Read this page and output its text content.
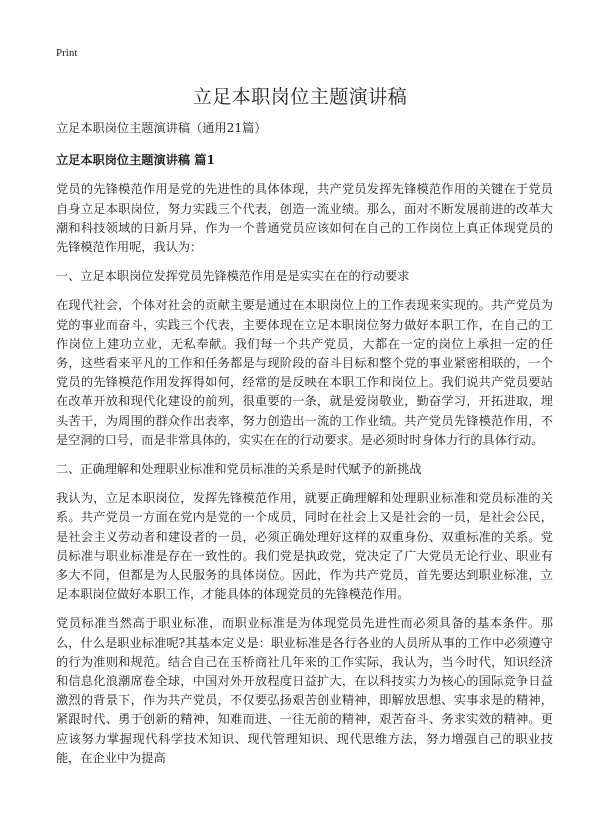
Print
立足本职岗位主题演讲稿

立足本职岗位主题演讲稿（通用21篇）

立足本职岗位主题演讲稿 篇1

党员的先锋模范作用是党的先进性的具体体现，共产党员发挥先锋模范作用的关键在于党员自身立足本职岗位，努力实践三个代表，创造一流业绩。那么，面对不断发展前进的改革大潮和科技领域的日新月异，作为一个普通党员应该如何在自己的工作岗位上真正体现党员的先锋模范作用呢，我认为：

一、立足本职岗位发挥党员先锋模范作用是是实实在在的行动要求

在现代社会，个体对社会的贡献主要是通过在本职岗位上的工作表现来实现的。共产党员为党的事业而奋斗，实践三个代表，主要体现在立足本职岗位努力做好本职工作，在自己的工作岗位上建功立业，无私奉献。我们每一个共产党员，大都在一定的岗位上承担一定的任务，这些看来平凡的工作和任务都是与现阶段的奋斗目标和整个党的事业紧密相联的，一个党员的先锋模范作用发挥得如何，经常的是反映在本职工作和岗位上。我们说共产党员要站在改革开放和现代化建设的前列，很重要的一条，就是爱岗敬业，勤奋学习，开拓进取，埋头苦干，为周围的群众作出表率，努力创造出一流的工作业绩。共产党员先锋模范作用，不是空洞的口号，而是非常具体的，实实在在的行动要求。是必须时时身体力行的具体行动。

二、正确理解和处理职业标准和党员标准的关系是时代赋予的新挑战

我认为，立足本职岗位，发挥先锋模范作用，就要正确理解和处理职业标准和党员标准的关系。共产党员一方面在党内是党的一个成员，同时在社会上又是社会的一员，是社会公民，是社会主义劳动者和建设者的一员，必须正确处理好这样的双重身份、双重标准的关系。党员标准与职业标准是存在一致性的。我们党是执政党，党决定了广大党员无论行业、职业有多大不同，但都是为人民服务的具体岗位。因此，作为共产党员，首先要达到职业标准，立足本职岗位做好本职工作，才能具体的体现党员的先锋模范作用。

党员标准当然高于职业标准，而职业标准是为体现党员先进性而必须具备的基本条件。那么，什么是职业标准呢?其基本定义是：职业标准是各行各业的人员所从事的工作中必须遵守的行为准则和规范。结合自己在玉桥商社几年来的工作实际，我认为，当今时代，知识经济和信息化浪潮席卷全球，中国对外开放程度日益扩大，在以科技实力为核心的国际竞争日益激烈的背景下，作为共产党员，不仅要弘扬艰苦创业精神，即解放思想、实事求是的精神，紧跟时代、勇于创新的精神，知难而进、一往无前的精神，艰苦奋斗、务求实效的精神。更应该努力掌握现代科学技术知识、现代管理知识、现代思维方法，努力增强自己的职业技能，在企业中为提高
